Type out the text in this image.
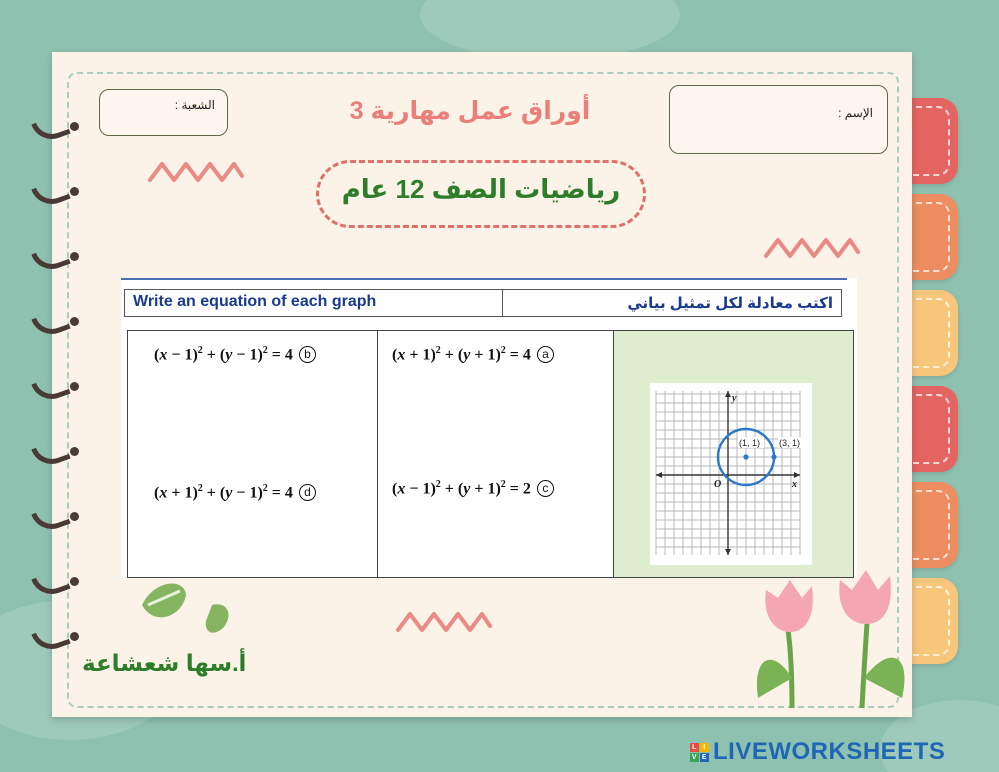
الشعبة :
الإسم :
أوراق عمل مهارية 3
رياضيات الصف 12 عام
Write an equation of each graph	اكتب معادلة لكل تمثيل بياني
$(x - 1)^2 + (y - 1)^2 = 4$ b
$(x + 1)^2 + (y - 1)^2 = 4$ d
$(x + 1)^2 + (y + 1)^2 = 4$ a
$(x - 1)^2 + (y + 1)^2 = 2$ c
y
x
O
(1, 1) (3, 1)
أ.سها شعشاعة
L I
V E LIVEWORKSHEETS
